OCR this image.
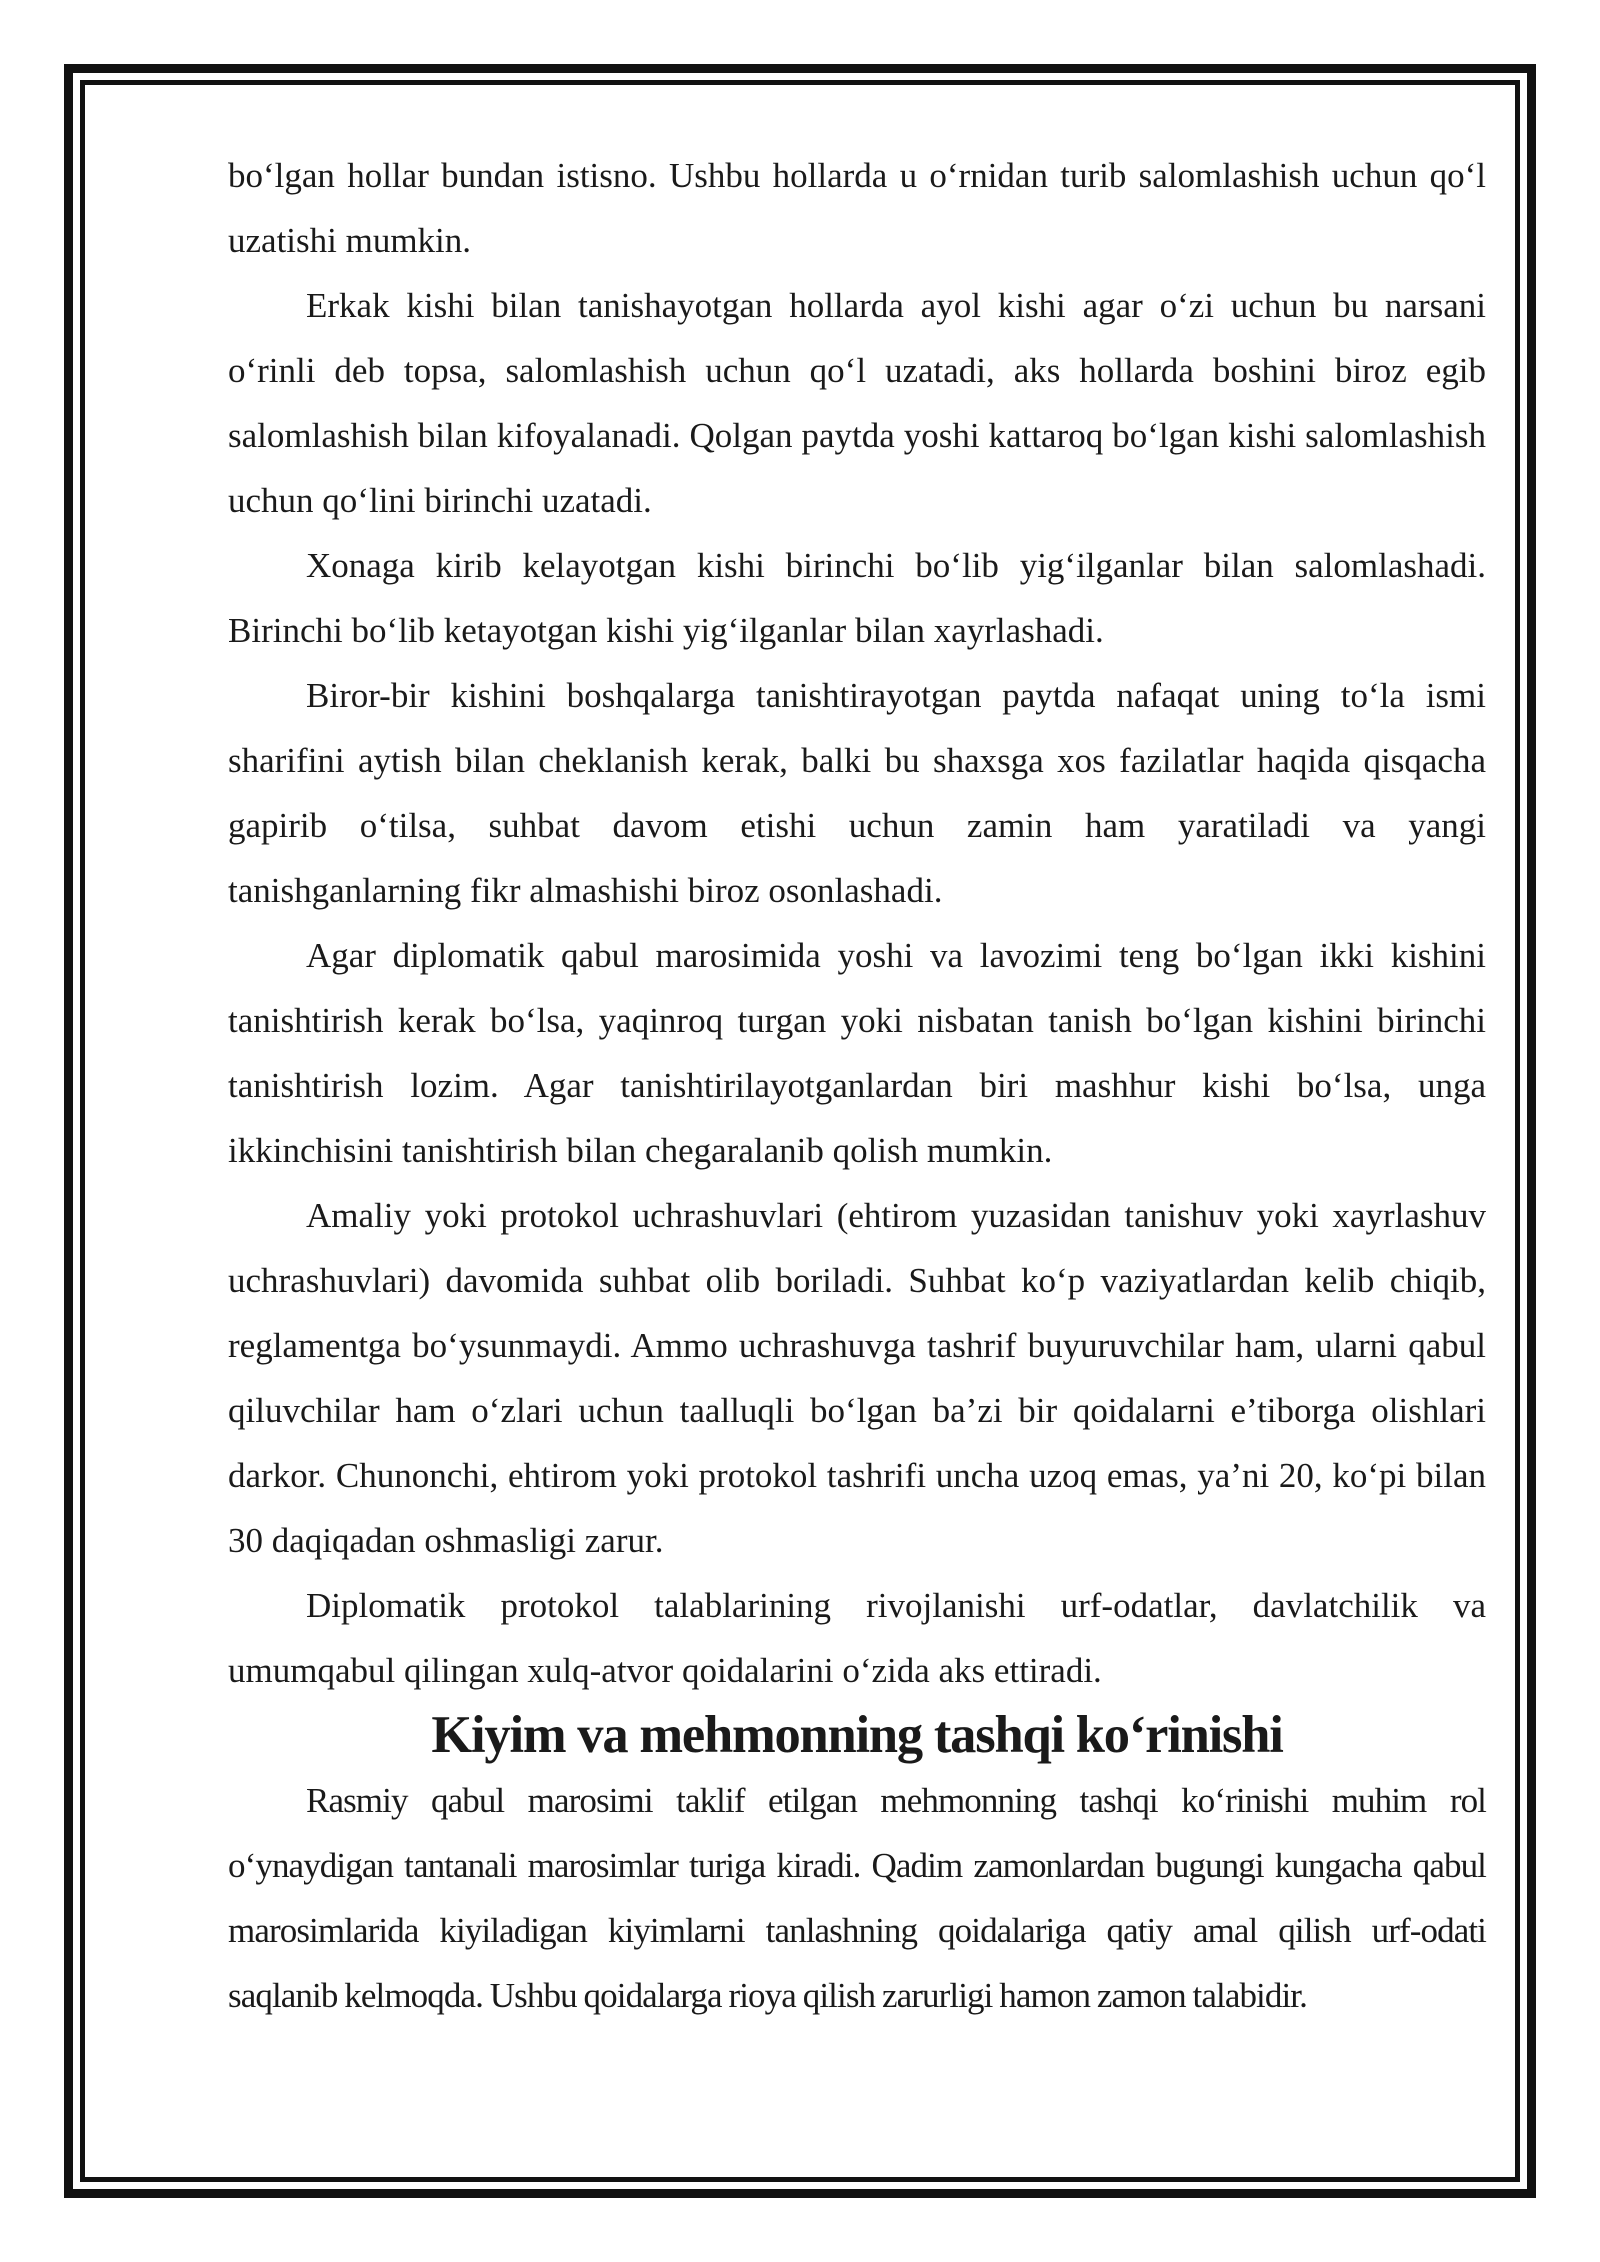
bo‘lgan hollar bundan istisno. Ushbu hollarda u o‘rnidan turib salomlashish uchun qo‘l uzatishi mumkin.

Erkak kishi bilan tanishayotgan hollarda ayol kishi agar o‘zi uchun bu narsani o‘rinli deb topsa, salomlashish uchun qo‘l uzatadi, aks hollarda boshini biroz egib salomlashish bilan kifoyalanadi. Qolgan paytda yoshi kattaroq bo‘lgan kishi salomlashish uchun qo‘lini birinchi uzatadi.

Xonaga kirib kelayotgan kishi birinchi bo‘lib yig‘ilganlar bilan salomlashadi. Birinchi bo‘lib ketayotgan kishi yig‘ilganlar bilan xayrlashadi.

Biror-bir kishini boshqalarga tanishtirayotgan paytda nafaqat uning to‘la ismi sharifini aytish bilan cheklanish kerak, balki bu shaxsga xos fazilatlar haqida qisqacha gapirib o‘tilsa, suhbat davom etishi uchun zamin ham yaratiladi va yangi tanishganlarning fikr almashishi biroz osonlashadi.

Agar diplomatik qabul marosimida yoshi va lavozimi teng bo‘lgan ikki kishini tanishtirish kerak bo‘lsa, yaqinroq turgan yoki nisbatan tanish bo‘lgan kishini birinchi tanishtirish lozim. Agar tanishtirilayotganlardan biri mashhur kishi bo‘lsa, unga ikkinchisini tanishtirish bilan chegaralanib qolish mumkin.

Amaliy yoki protokol uchrashuvlari (ehtirom yuzasidan tanishuv yoki xayrlashuv uchrashuvlari) davomida suhbat olib boriladi. Suhbat ko‘p vaziyatlardan kelib chiqib, reglamentga bo‘ysunmaydi. Ammo uchrashuvga tashrif buyuruvchilar ham, ularni qabul qiluvchilar ham o‘zlari uchun taalluqli bo‘lgan ba’zi bir qoidalarni e’tiborga olishlari darkor. Chunonchi, ehtirom yoki protokol tashrifi uncha uzoq emas, ya’ni 20, ko‘pi bilan 30 daqiqadan oshmasligi zarur.

Diplomatik protokol talablarining rivojlanishi urf-odatlar, davlatchilik va umumqabul qilingan xulq-atvor qoidalarini o‘zida aks ettiradi.

Kiyim va mehmonning tashqi ko‘rinishi

Rasmiy qabul marosimi taklif etilgan mehmonning tashqi ko‘rinishi muhim rol o‘ynaydigan tantanali marosimlar turiga kiradi. Qadim zamonlardan bugungi kungacha qabul marosimlarida kiyiladigan kiyimlarni tanlashning qoidalariga qatiy amal qilish urf-odati saqlanib kelmoqda. Ushbu qoidalarga rioya qilish zarurligi hamon zamon talabidir.
